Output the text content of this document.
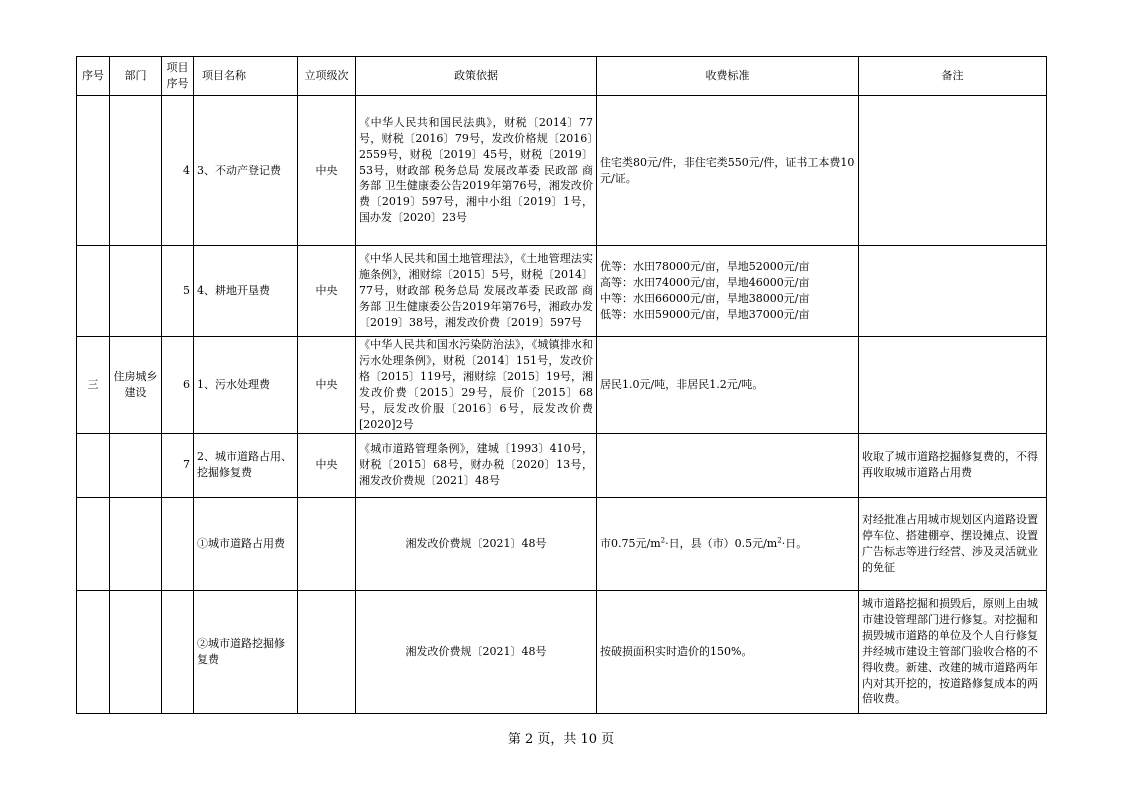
序号	部门	项目序号	项目名称	立项级次	政策依据	收费标准	备注
		4	3、不动产登记费	中央	《中华人民共和国民法典》，财税〔2014〕77号，财税〔2016〕79号，发改价格规〔2016〕2559号，财税〔2019〕45号，财税〔2019〕53号，财政部 税务总局 发展改革委 民政部 商务部 卫生健康委公告2019年第76号，湘发改价费〔2019〕597号，湘中小组〔2019〕1号，国办发〔2020〕23号	住宅类80元/件，非住宅类550元/件，证书工本费10元/证。	
		5	4、耕地开垦费	中央	《中华人民共和国土地管理法》，《土地管理法实施条例》，湘财综〔2015〕5号，财税〔2014〕77号，财政部 税务总局 发展改革委 民政部 商务部 卫生健康委公告2019年第76号，湘政办发〔2019〕38号，湘发改价费〔2019〕597号	优等：水田78000元/亩，旱地52000元/亩
高等：水田74000元/亩，旱地46000元/亩
中等：水田66000元/亩，旱地38000元/亩
低等：水田59000元/亩，旱地37000元/亩	

三	住房城乡建设	6	1、污水处理费	中央	《中华人民共和国水污染防治法》，《城镇排水和污水处理条例》，财税〔2014〕151号，发改价格〔2015〕119号，湘财综〔2015〕19号，湘发改价费〔2015〕29号，辰价〔2015〕68号，辰发改价服〔2016〕6号，辰发改价费[2020]2号	居民1.0元/吨，非居民1.2元/吨。	
		7	2、城市道路占用、挖掘修复费	中央	《城市道路管理条例》，建城〔1993〕410号，财税〔2015〕68号，财办税〔2020〕13号，湘发改价费规〔2021〕48号		收取了城市道路挖掘修复费的，不得再收取城市道路占用费
			①城市道路占用费		湘发改价费规〔2021〕48号	市0.75元$/m^2\cdot$日，县（市）0.5元$/m^2\cdot$日。	对经批准占用城市规划区内道路设置停车位、搭建棚亭、摆设摊点、设置广告标志等进行经营、涉及灵活就业的免征
			②城市道路挖掘修复费		湘发改价费规〔2021〕48号	按破损面积实时造价的150%。	城市道路挖掘和损毁后，原则上由城市建设管理部门进行修复。对挖掘和损毁城市道路的单位及个人自行修复并经城市建设主管部门验收合格的不得收费。新建、改建的城市道路两年内对其开挖的，按道路修复成本的两倍收费。
第 2 页，共 10 页
